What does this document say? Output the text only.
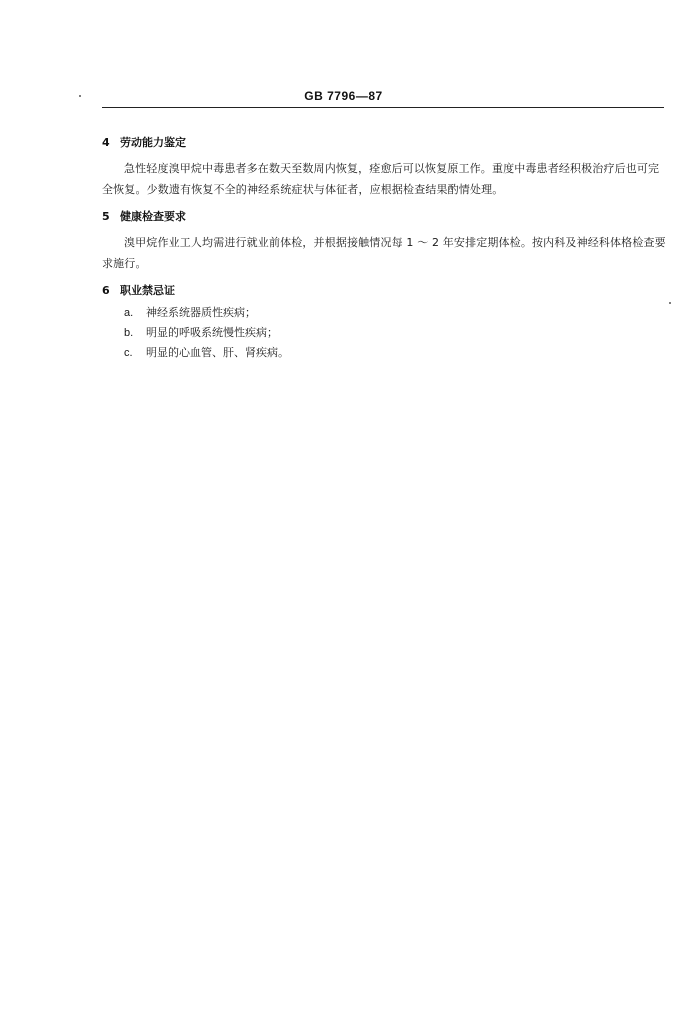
GB 7796—87
4 劳动能力鉴定
急性轻度溴甲烷中毒患者多在数天至数周内恢复，痊愈后可以恢复原工作。重度中毒患者经积极治疗后也可完全恢复。少数遗有恢复不全的神经系统症状与体征者，应根据检查结果酌情处理。
5 健康检查要求
溴甲烷作业工人均需进行就业前体检，并根据接触情况每 1 ～ 2 年安排定期体检。按内科及神经科体格检查要求施行。
6 职业禁忌证
a. 神经系统器质性疾病；
b. 明显的呼吸系统慢性疾病；
c. 明显的心血管、肝、肾疾病。
